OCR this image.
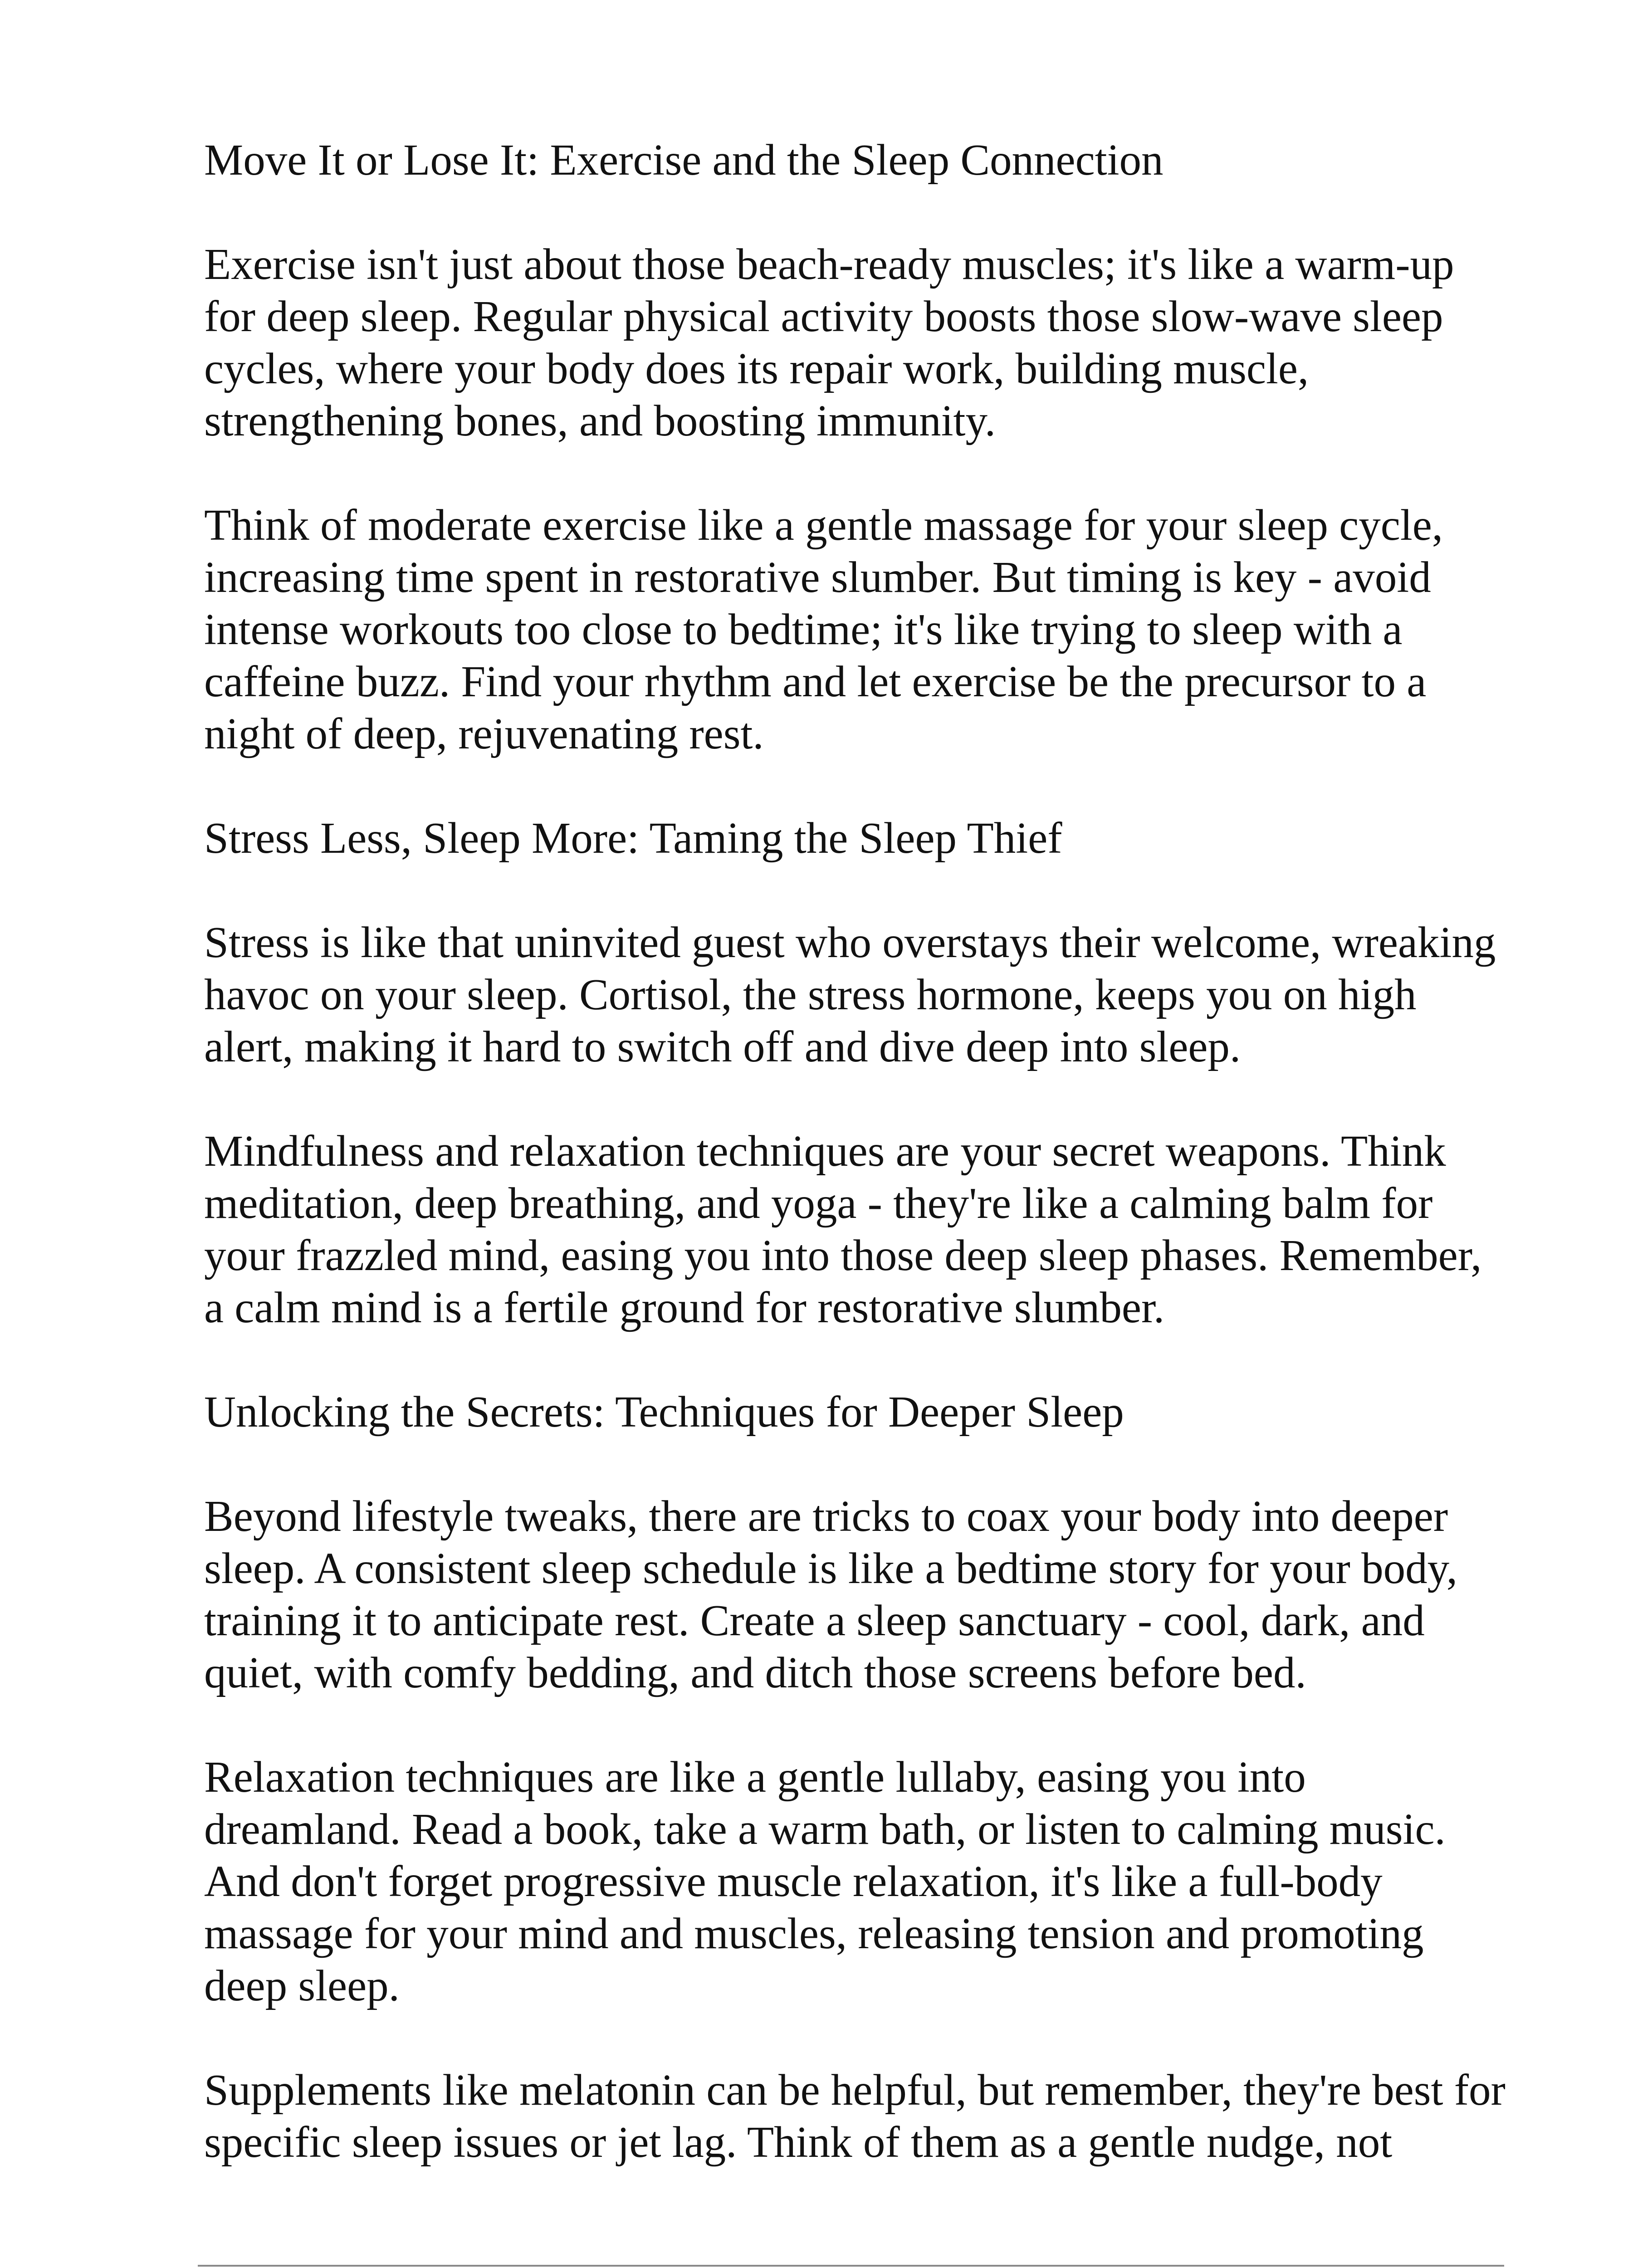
Move It or Lose It: Exercise and the Sleep Connection

Exercise isn't just about those beach-ready muscles; it's like a warm-up for deep sleep. Regular physical activity boosts those slow-wave sleep cycles, where your body does its repair work, building muscle, strengthening bones, and boosting immunity.

Think of moderate exercise like a gentle massage for your sleep cycle, increasing time spent in restorative slumber. But timing is key - avoid intense workouts too close to bedtime; it's like trying to sleep with a caffeine buzz. Find your rhythm and let exercise be the precursor to a night of deep, rejuvenating rest.

Stress Less, Sleep More: Taming the Sleep Thief

Stress is like that uninvited guest who overstays their welcome, wreaking havoc on your sleep. Cortisol, the stress hormone, keeps you on high alert, making it hard to switch off and dive deep into sleep.

Mindfulness and relaxation techniques are your secret weapons. Think meditation, deep breathing, and yoga - they're like a calming balm for your frazzled mind, easing you into those deep sleep phases. Remember, a calm mind is a fertile ground for restorative slumber.

Unlocking the Secrets: Techniques for Deeper Sleep

Beyond lifestyle tweaks, there are tricks to coax your body into deeper sleep. A consistent sleep schedule is like a bedtime story for your body, training it to anticipate rest. Create a sleep sanctuary - cool, dark, and quiet, with comfy bedding, and ditch those screens before bed.

Relaxation techniques are like a gentle lullaby, easing you into dreamland. Read a book, take a warm bath, or listen to calming music. And don't forget progressive muscle relaxation, it's like a full-body massage for your mind and muscles, releasing tension and promoting deep sleep.

Supplements like melatonin can be helpful, but remember, they're best for specific sleep issues or jet lag. Think of them as a gentle nudge, not
